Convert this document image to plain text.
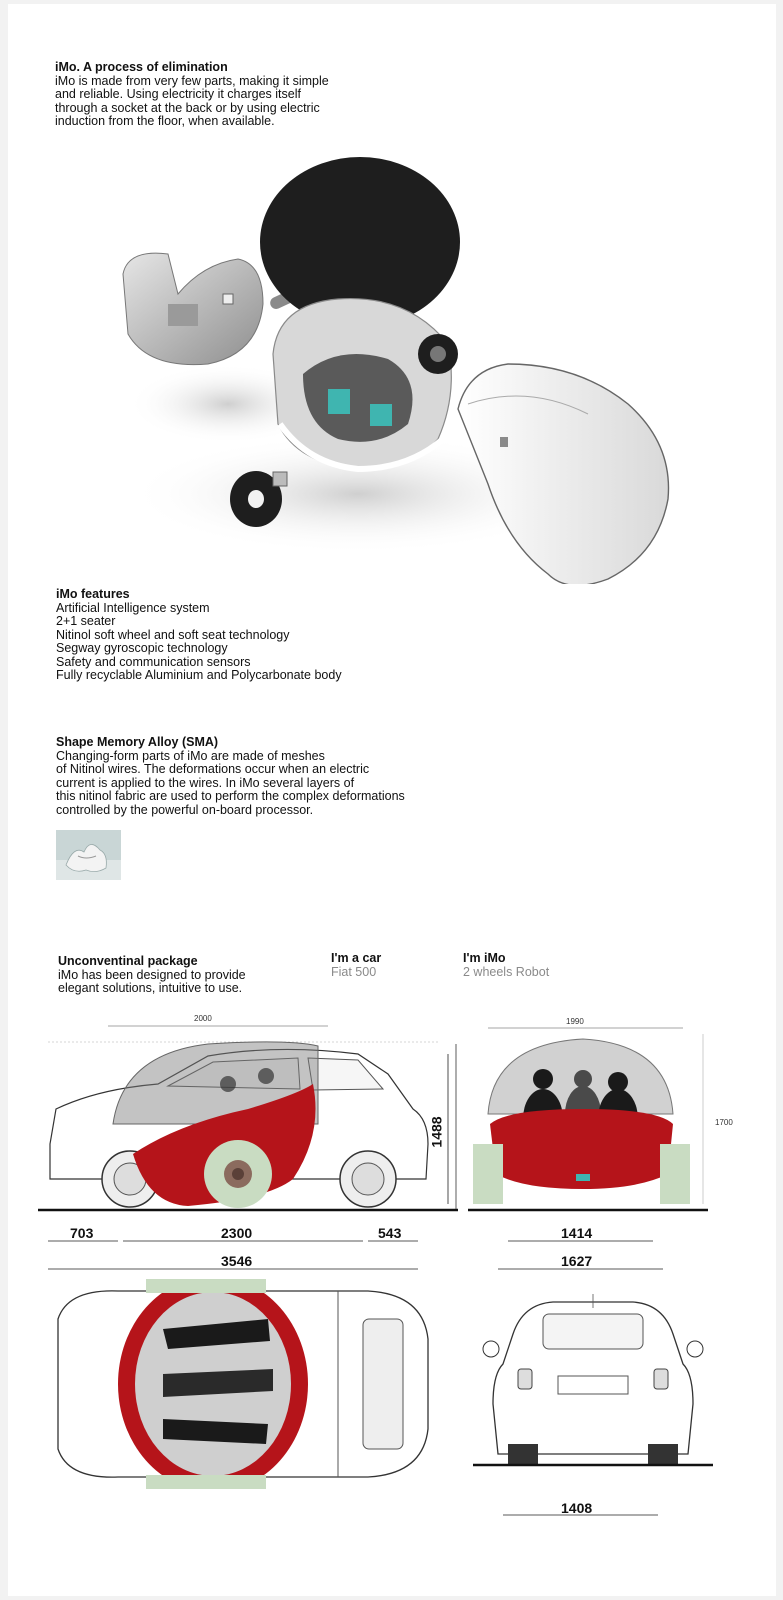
iMo. A process of elimination
iMo is made from very few parts, making it simple
and reliable. Using electricity it charges itself
through a socket at the back or by using electric
induction from the floor, when available.
iMo features
Artificial Intelligence system
2+1 seater
Nitinol soft wheel and soft seat technology
Segway gyroscopic technology
Safety and communication sensors
Fully recyclable Aluminium and Polycarbonate body
Shape Memory Alloy (SMA)
Changing-form parts of iMo are made of meshes
of Nitinol wires. The deformations occur when an electric
current is applied to the wires. In iMo several layers of
this nitinol fabric are used to perform the complex deformations
controlled by the powerful on-board processor.
Unconventinal package
iMo has been designed to provide
elegant solutions, intuitive to use.
I'm a car
Fiat 500
I'm iMo
2 wheels Robot
2000	1990
1700
1488
703	2300	543
3546
1414
1627
1408
